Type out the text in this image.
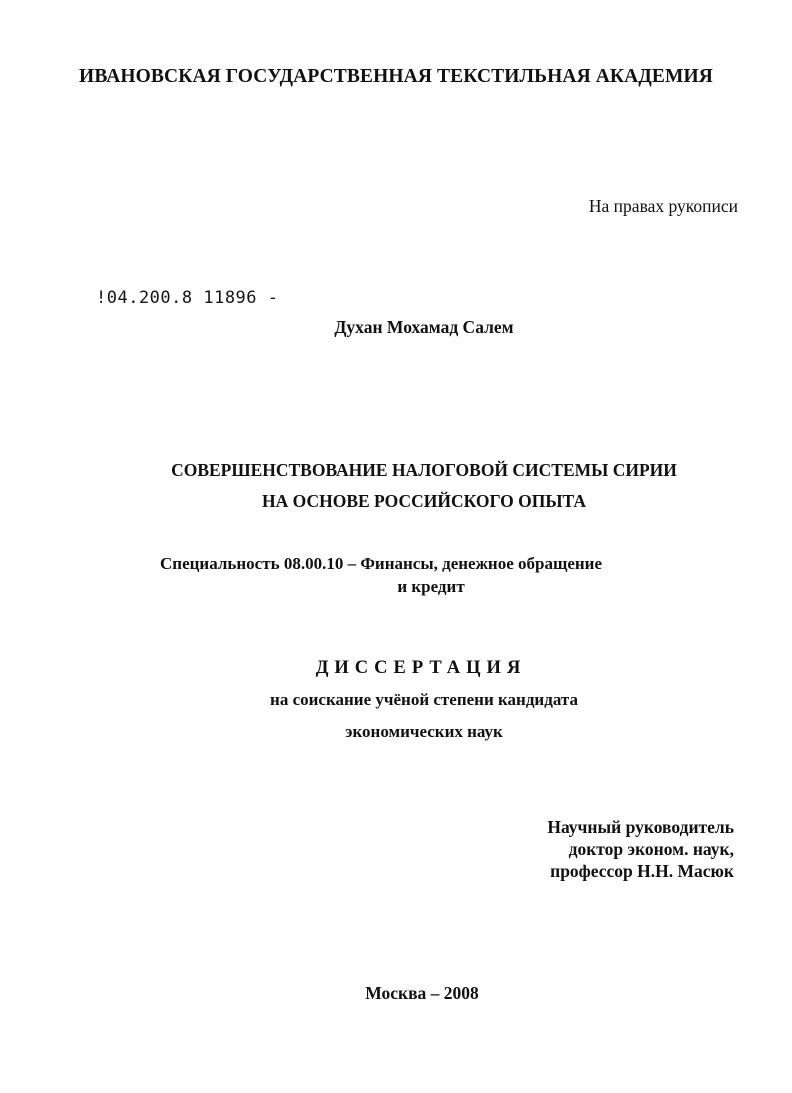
ИВАНОВСКАЯ ГОСУДАРСТВЕННАЯ ТЕКСТИЛЬНАЯ АКАДЕМИЯ
На правах рукописи
!04.200.8 11896 -
Духан Мохамад Салем
СОВЕРШЕНСТВОВАНИЕ НАЛОГОВОЙ СИСТЕМЫ СИРИИ
НА ОСНОВЕ РОССИЙСКОГО ОПЫТА
Специальность 08.00.10 – Финансы, денежное обращение
и кредит
ДИССЕРТАЦИЯ
на соискание учёной степени кандидата
экономических наук
Научный руководитель
доктор эконом. наук,
профессор Н.Н. Масюк
Москва – 2008
